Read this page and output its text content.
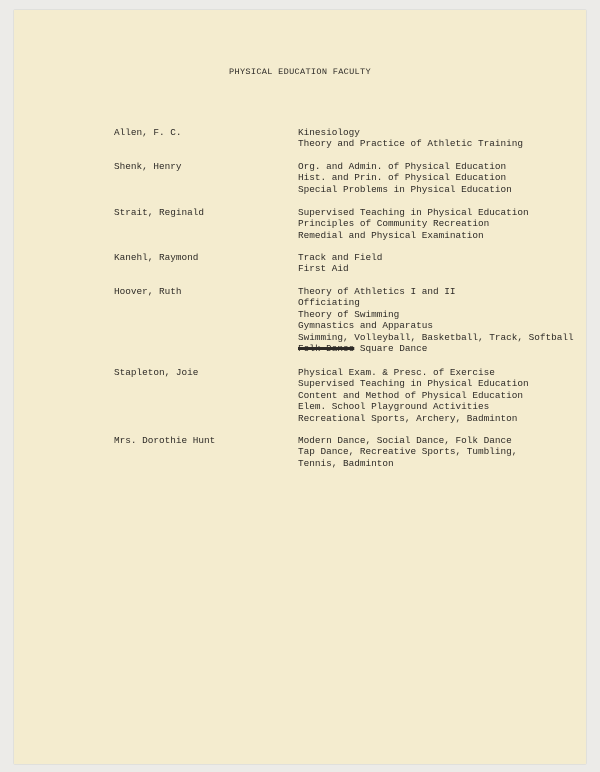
PHYSICAL EDUCATION FACULTY
Allen, F. C.	Kinesiology
Theory and Practice of Athletic Training
Shenk, Henry	Org. and Admin. of Physical Education
Hist. and Prin. of Physical Education
Special Problems in Physical Education
Strait, Reginald	Supervised Teaching in Physical Education
Principles of Community Recreation
Remedial and Physical Examination
Kanehl, Raymond	Track and Field
First Aid
Hoover, Ruth	Theory of Athletics I and II
Officiating
Theory of Swimming
Gymnastics and Apparatus
Swimming, Volleyball, Basketball, Track, Softball
Folk Dance Square Dance
Stapleton, Joie	Physical Exam. & Presc. of Exercise
Supervised Teaching in Physical Education
Content and Method of Physical Education
Elem. School Playground Activities
Recreational Sports, Archery, Badminton
Mrs. Dorothie Hunt	Modern Dance, Social Dance, Folk Dance
Tap Dance, Recreative Sports, Tumbling,
Tennis, Badminton
